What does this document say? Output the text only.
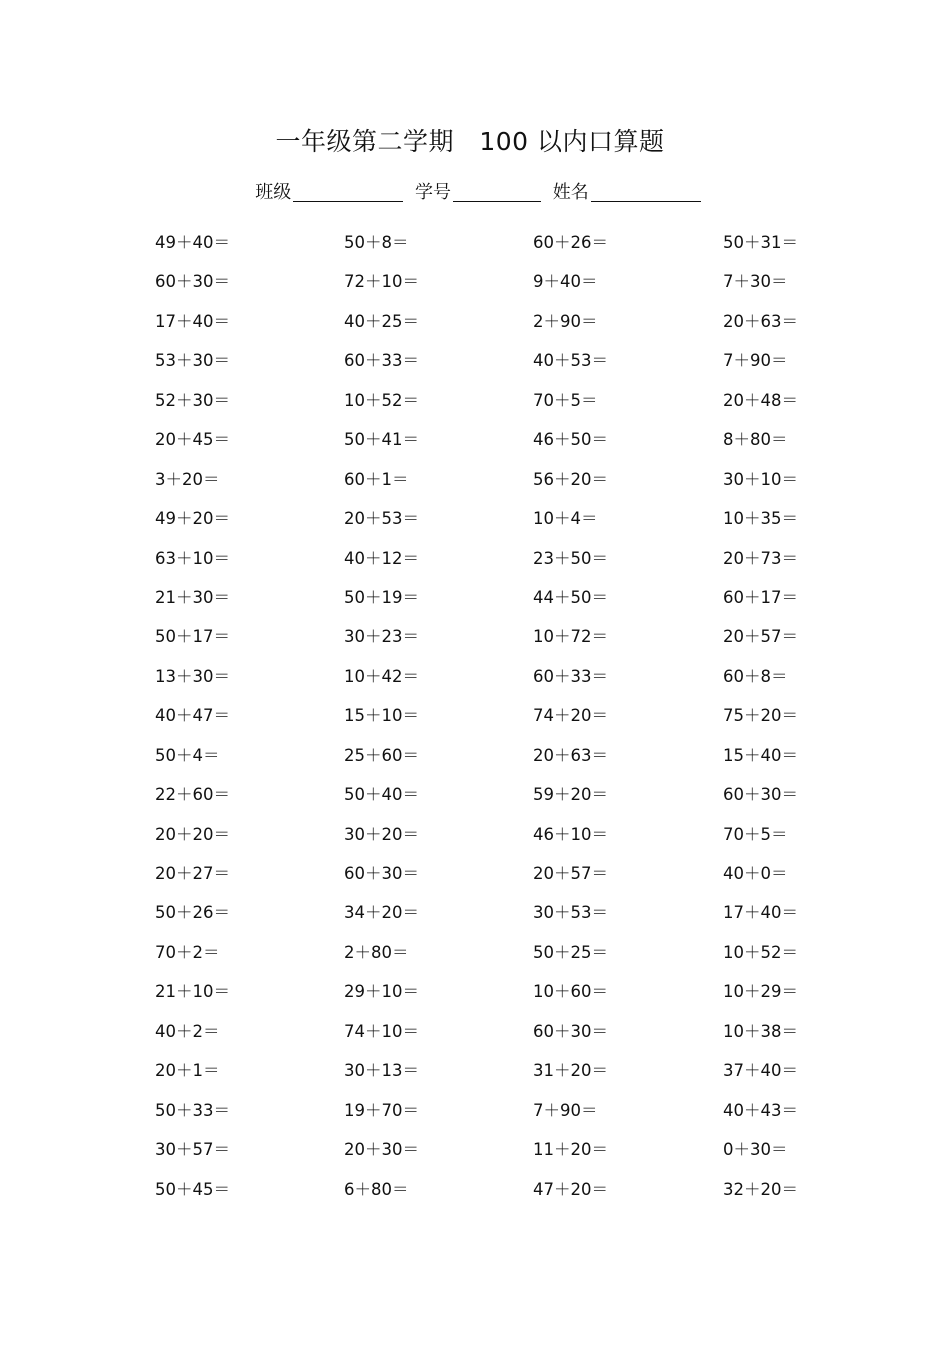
一年级第二学期   100 以内口算题
班级	学号	姓名
49＋40＝	50＋8＝	60＋26＝	50＋31＝
60＋30＝	72＋10＝	9＋40＝	7＋30＝
17＋40＝	40＋25＝	2＋90＝	20＋63＝
53＋30＝	60＋33＝	40＋53＝	7＋90＝
52＋30＝	10＋52＝	70＋5＝	20＋48＝
20＋45＝	50＋41＝	46＋50＝	8＋80＝
3＋20＝	60＋1＝	56＋20＝	30＋10＝
49＋20＝	20＋53＝	10＋4＝	10＋35＝
63＋10＝	40＋12＝	23＋50＝	20＋73＝
21＋30＝	50＋19＝	44＋50＝	60＋17＝
50＋17＝	30＋23＝	10＋72＝	20＋57＝
13＋30＝	10＋42＝	60＋33＝	60＋8＝
40＋47＝	15＋10＝	74＋20＝	75＋20＝
50＋4＝	25＋60＝	20＋63＝	15＋40＝
22＋60＝	50＋40＝	59＋20＝	60＋30＝
20＋20＝	30＋20＝	46＋10＝	70＋5＝
20＋27＝	60＋30＝	20＋57＝	40＋0＝
50＋26＝	34＋20＝	30＋53＝	17＋40＝
70＋2＝	2＋80＝	50＋25＝	10＋52＝
21＋10＝	29＋10＝	10＋60＝	10＋29＝
40＋2＝	74＋10＝	60＋30＝	10＋38＝
20＋1＝	30＋13＝	31＋20＝	37＋40＝
50＋33＝	19＋70＝	7＋90＝	40＋43＝
30＋57＝	20＋30＝	11＋20＝	0＋30＝
50＋45＝	6＋80＝	47＋20＝	32＋20＝
